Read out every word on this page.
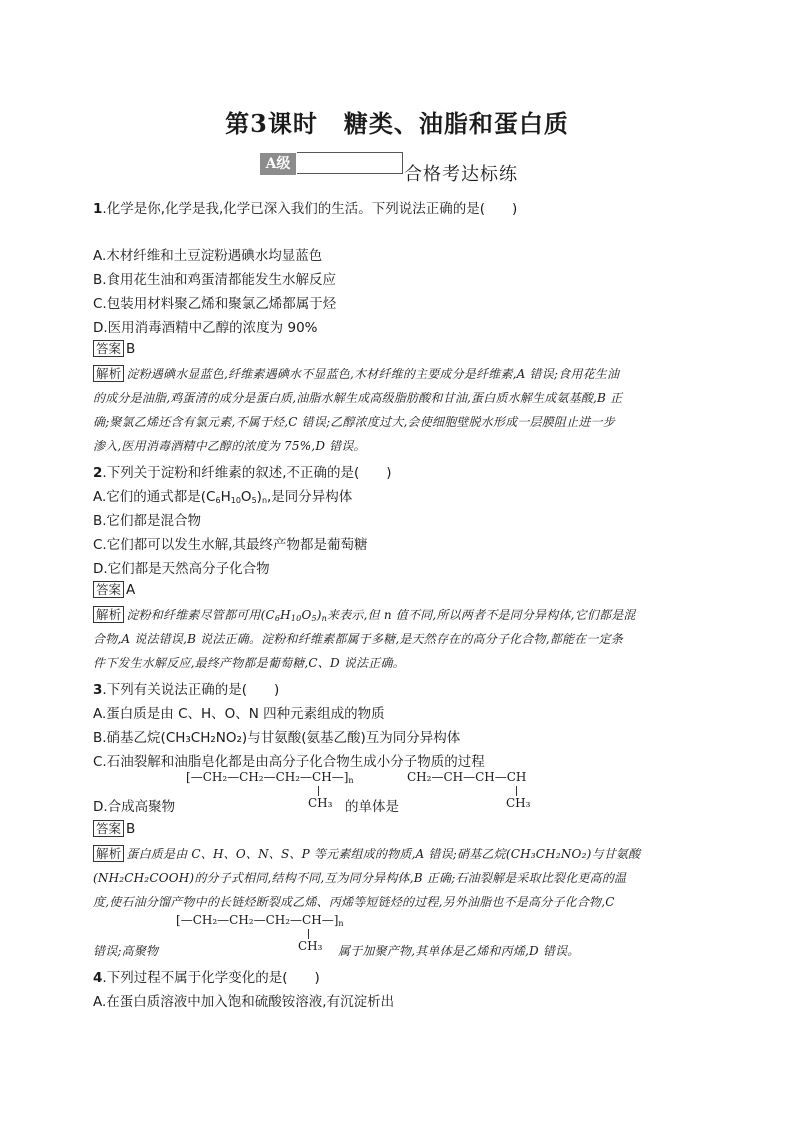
第3课时 糖类、油脂和蛋白质
A级	合格考达标练
1.化学是你,化学是我,化学已深入我们的生活。下列说法正确的是(　　)
A.木材纤维和土豆淀粉遇碘水均显蓝色
B.食用花生油和鸡蛋清都能发生水解反应
C.包装用材料聚乙烯和聚氯乙烯都属于烃
D.医用消毒酒精中乙醇的浓度为 90%
答案 B
解析 淀粉遇碘水显蓝色,纤维素遇碘水不显蓝色,木材纤维的主要成分是纤维素,A 错误;食用花生油
的成分是油脂,鸡蛋清的成分是蛋白质,油脂水解生成高级脂肪酸和甘油,蛋白质水解生成氨基酸,B 正
确;聚氯乙烯还含有氯元素,不属于烃,C 错误;乙醇浓度过大,会使细胞壁脱水形成一层膜阻止进一步
渗入,医用消毒酒精中乙醇的浓度为 75%,D 错误。
2.下列关于淀粉和纤维素的叙述,不正确的是(　　)
A.它们的通式都是$(C_6H_{10}O_5)_n$,是同分异构体
B.它们都是混合物
C.它们都可以发生水解,其最终产物都是葡萄糖
D.它们都是天然高分子化合物
答案 A
解析 淀粉和纤维素尽管都可用$(C_6H_{10}O_5)_n$来表示,但 n 值不同,所以两者不是同分异构体,它们都是混
合物,A 说法错误,B 说法正确。淀粉和纤维素都属于多糖,是天然存在的高分子化合物,都能在一定条
件下发生水解反应,最终产物都是葡萄糖,C、D 说法正确。
3.下列有关说法正确的是(　　)
A.蛋白质是由 C、H、O、N 四种元素组成的物质
B.硝基乙烷(CH₃CH₂NO₂)与甘氨酸(氨基乙酸)互为同分异构体
C.石油裂解和油脂皂化都是由高分子化合物生成小分子物质的过程
$[—CH_2—CH_2—CH_2—CH—]_n$
CH₃
D.合成高聚物	的单体是
CH₂—CH—CH—CH
CH₃
答案 B
解析 蛋白质是由 C、H、O、N、S、P 等元素组成的物质,A 错误;硝基乙烷(CH₃CH₂NO₂)与甘氨酸
(NH₂CH₂COOH)的分子式相同,结构不同,互为同分异构体,B 正确;石油裂解是采取比裂化更高的温
度,使石油分馏产物中的长链烃断裂成乙烯、丙烯等短链烃的过程,另外油脂也不是高分子化合物,C
$[—CH_2—CH_2—CH_2—CH—]_n$
CH₃
错误;高聚物	属于加聚产物,其单体是乙烯和丙烯,D 错误。
4.下列过程不属于化学变化的是(　　)
A.在蛋白质溶液中加入饱和硫酸铵溶液,有沉淀析出
